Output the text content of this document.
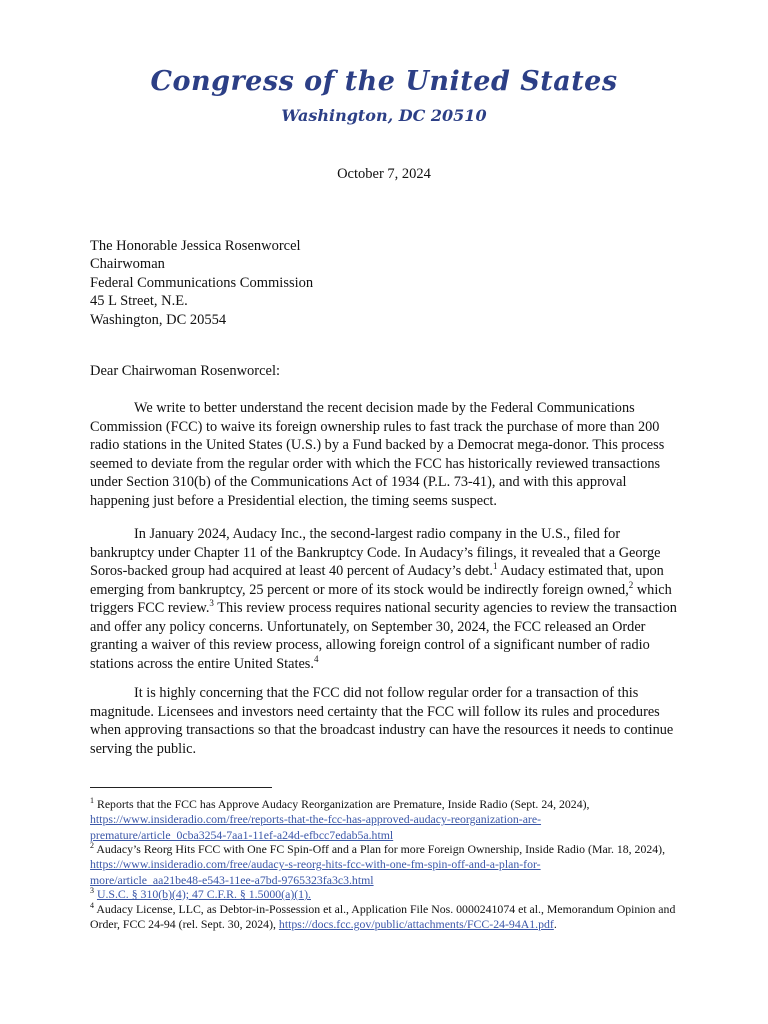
Congress of the United States
Washington, DC 20510
October 7, 2024
The Honorable Jessica Rosenworcel
Chairwoman
Federal Communications Commission
45 L Street, N.E.
Washington, DC 20554
Dear Chairwoman Rosenworcel:
We write to better understand the recent decision made by the Federal Communications Commission (FCC) to waive its foreign ownership rules to fast track the purchase of more than 200 radio stations in the United States (U.S.) by a Fund backed by a Democrat mega-donor. This process seemed to deviate from the regular order with which the FCC has historically reviewed transactions under Section 310(b) of the Communications Act of 1934 (P.L. 73-41), and with this approval happening just before a Presidential election, the timing seems suspect.
In January 2024, Audacy Inc., the second-largest radio company in the U.S., filed for bankruptcy under Chapter 11 of the Bankruptcy Code. In Audacy’s filings, it revealed that a George Soros-backed group had acquired at least 40 percent of Audacy’s debt.$^1$ Audacy estimated that, upon emerging from bankruptcy, 25 percent or more of its stock would be indirectly foreign owned,$^2$ which triggers FCC review.$^3$ This review process requires national security agencies to review the transaction and offer any policy concerns. Unfortunately, on September 30, 2024, the FCC released an Order granting a waiver of this review process, allowing foreign control of a significant number of radio stations across the entire United States.$^4$
It is highly concerning that the FCC did not follow regular order for a transaction of this magnitude. Licensees and investors need certainty that the FCC will follow its rules and procedures when approving transactions so that the broadcast industry can have the resources it needs to continue serving the public.
$^1$ Reports that the FCC has Approve Audacy Reorganization are Premature, Inside Radio (Sept. 24, 2024),
https://www.insideradio.com/free/reports-that-the-fcc-has-approved-audacy-reorganization-are-
premature/article_0cba3254-7aa1-11ef-a24d-efbcc7edab5a.html
$^2$ Audacy’s Reorg Hits FCC with One FC Spin-Off and a Plan for more Foreign Ownership, Inside Radio (Mar. 18, 2024), https://www.insideradio.com/free/audacy-s-reorg-hits-fcc-with-one-fm-spin-off-and-a-plan-for-
more/article_aa21be48-e543-11ee-a7bd-9765323fa3c3.html
$^3$ U.S.C. § 310(b)(4); 47 C.F.R. § 1.5000(a)(1).
$^4$ Audacy License, LLC, as Debtor-in-Possession et al., Application File Nos. 0000241074 et al., Memorandum Opinion and Order, FCC 24-94 (rel. Sept. 30, 2024), https://docs.fcc.gov/public/attachments/FCC-24-94A1.pdf.
